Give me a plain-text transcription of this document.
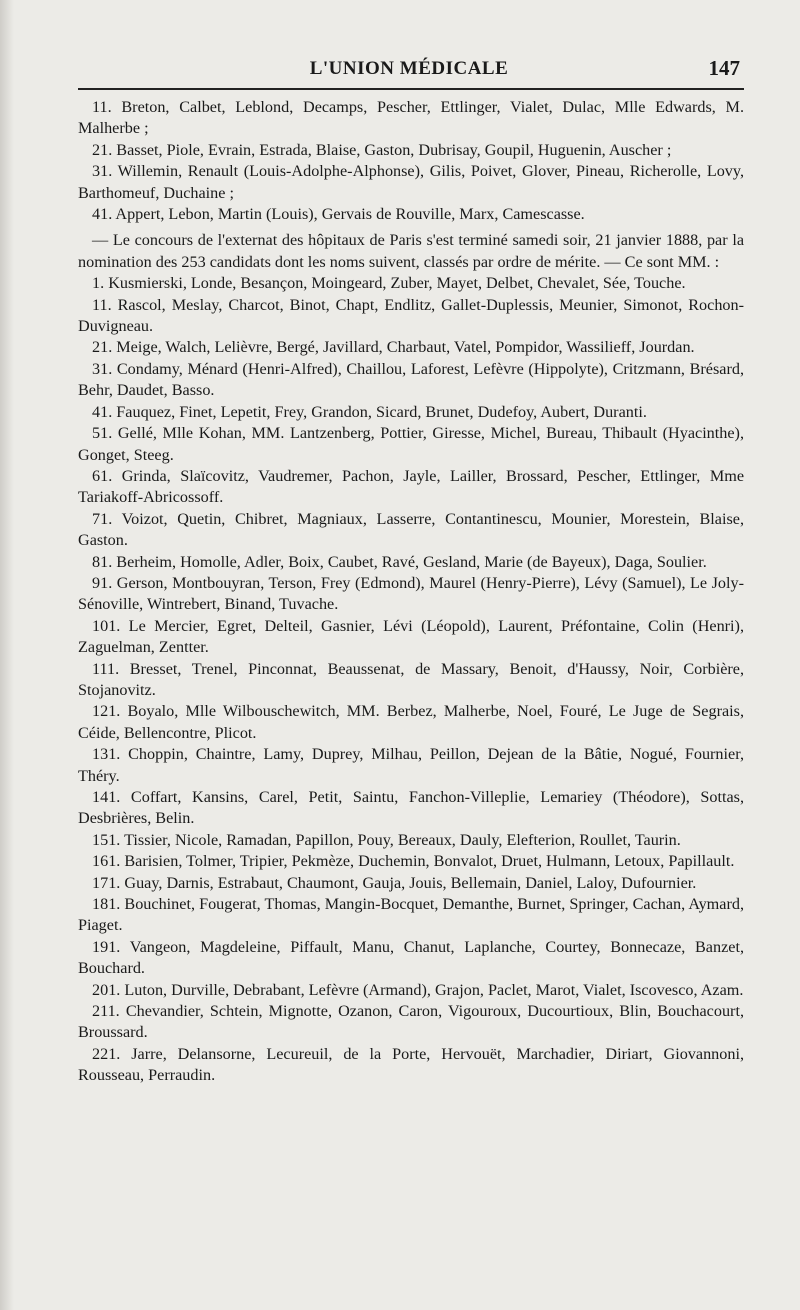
L'UNION MÉDICALE	147

11. Breton, Calbet, Leblond, Decamps, Pescher, Ettlinger, Vialet, Dulac, Mlle Edwards, M. Malherbe ;

21. Basset, Piole, Evrain, Estrada, Blaise, Gaston, Dubrisay, Goupil, Huguenin, Auscher ;

31. Willemin, Renault (Louis-Adolphe-Alphonse), Gilis, Poivet, Glover, Pineau, Richerolle, Lovy, Barthomeuf, Duchaine ;

41. Appert, Lebon, Martin (Louis), Gervais de Rouville, Marx, Camescasse.

— Le concours de l'externat des hôpitaux de Paris s'est terminé samedi soir, 21 janvier 1888, par la nomination des 253 candidats dont les noms suivent, classés par ordre de mérite. — Ce sont MM. :

1. Kusmierski, Londe, Besançon, Moingeard, Zuber, Mayet, Delbet, Chevalet, Sée, Touche.

11. Rascol, Meslay, Charcot, Binot, Chapt, Endlitz, Gallet-Duplessis, Meunier, Simonot, Rochon-Duvigneau.

21. Meige, Walch, Lelièvre, Bergé, Javillard, Charbaut, Vatel, Pompidor, Wassilieff, Jourdan.

31. Condamy, Ménard (Henri-Alfred), Chaillou, Laforest, Lefèvre (Hippolyte), Critzmann, Brésard, Behr, Daudet, Basso.

41. Fauquez, Finet, Lepetit, Frey, Grandon, Sicard, Brunet, Dudefoy, Aubert, Duranti.

51. Gellé, Mlle Kohan, MM. Lantzenberg, Pottier, Giresse, Michel, Bureau, Thibault (Hyacinthe), Gonget, Steeg.

61. Grinda, Slaïcovitz, Vaudremer, Pachon, Jayle, Lailler, Brossard, Pescher, Ettlinger, Mme Tariakoff-Abricossoff.

71. Voizot, Quetin, Chibret, Magniaux, Lasserre, Contantinescu, Mounier, Morestein, Blaise, Gaston.

81. Berheim, Homolle, Adler, Boix, Caubet, Ravé, Gesland, Marie (de Bayeux), Daga, Soulier.

91. Gerson, Montbouyran, Terson, Frey (Edmond), Maurel (Henry-Pierre), Lévy (Samuel), Le Joly-Sénoville, Wintrebert, Binand, Tuvache.

101. Le Mercier, Egret, Delteil, Gasnier, Lévi (Léopold), Laurent, Préfontaine, Colin (Henri), Zaguelman, Zentter.

111. Bresset, Trenel, Pinconnat, Beaussenat, de Massary, Benoit, d'Haussy, Noir, Corbière, Stojanovitz.

121. Boyalo, Mlle Wilbouschewitch, MM. Berbez, Malherbe, Noel, Fouré, Le Juge de Segrais, Céide, Bellencontre, Plicot.

131. Choppin, Chaintre, Lamy, Duprey, Milhau, Peillon, Dejean de la Bâtie, Nogué, Fournier, Théry.

141. Coffart, Kansins, Carel, Petit, Saintu, Fanchon-Villeplie, Lemariey (Théodore), Sottas, Desbrières, Belin.

151. Tissier, Nicole, Ramadan, Papillon, Pouy, Bereaux, Dauly, Elefterion, Roullet, Taurin.

161. Barisien, Tolmer, Tripier, Pekmèze, Duchemin, Bonvalot, Druet, Hulmann, Letoux, Papillault.

171. Guay, Darnis, Estrabaut, Chaumont, Gauja, Jouis, Bellemain, Daniel, Laloy, Dufournier.

181. Bouchinet, Fougerat, Thomas, Mangin-Bocquet, Demanthe, Burnet, Springer, Cachan, Aymard, Piaget.

191. Vangeon, Magdeleine, Piffault, Manu, Chanut, Laplanche, Courtey, Bonnecaze, Banzet, Bouchard.

201. Luton, Durville, Debrabant, Lefèvre (Armand), Grajon, Paclet, Marot, Vialet, Iscovesco, Azam.

211. Chevandier, Schtein, Mignotte, Ozanon, Caron, Vigouroux, Ducourtioux, Blin, Bouchacourt, Broussard.

221. Jarre, Delansorne, Lecureuil, de la Porte, Hervouët, Marchadier, Diriart, Giovannoni, Rousseau, Perraudin.
